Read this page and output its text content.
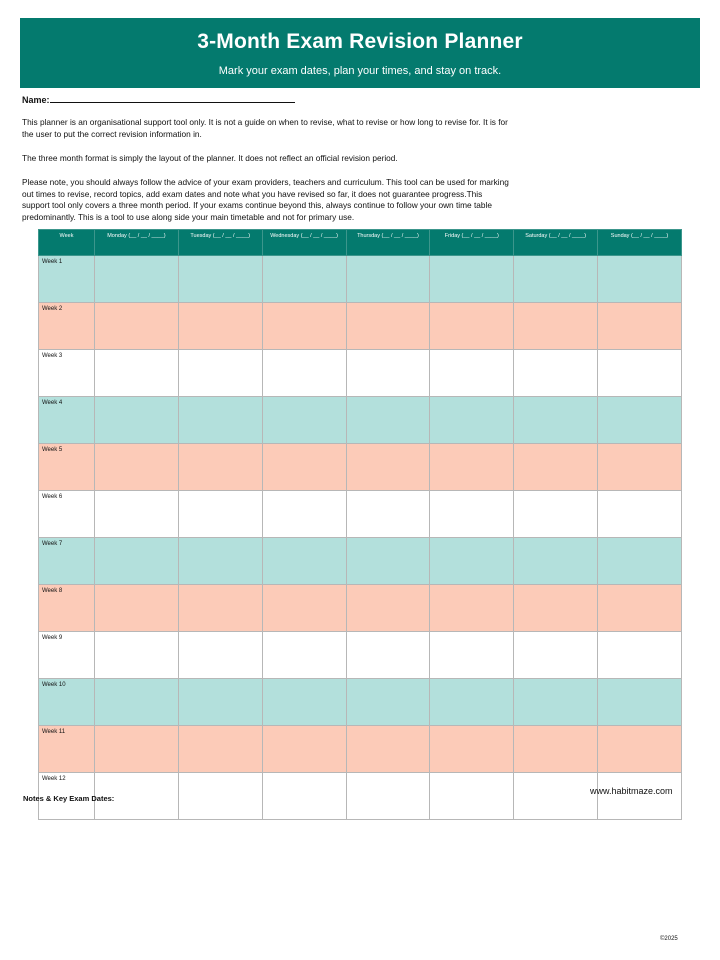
3-Month Exam Revision Planner
Mark your exam dates, plan your times, and stay on track.
Name:

This planner is an organisational support tool only. It is not a guide on when to revise, what to revise or how long to revise for. It is for the user to put the correct revision information in.

The three month format is simply the layout of the planner. It does not reflect an official revision period.

Please note, you should always follow the advice of your exam providers, teachers and curriculum. This tool can be used for marking out times to revise, record topics, add exam dates and note what you have revised so far, it does not guarantee progress.This support tool only covers a three month period. If your exams continue beyond this, always continue to follow your own time table predominantly. This is a tool to use along side your main timetable and not for primary use.

Week	Monday (__ / __ / ____)	Tuesday (__ / __ / ____)	Wednesday (__ / __ / ____)	Thursday (__ / __ / ____)	Friday (__ / __ / ____)	Saturday (__ / __ / ____)	Sunday (__ / __ / ____)
Week 1							
Week 2							
Week 3							
Week 4							
Week 5							
Week 6							
Week 7							
Week 8							
Week 9							
Week 10							
Week 11							
Week 12							
Notes & Key Exam Dates:
www.habitmaze.com
©2025
